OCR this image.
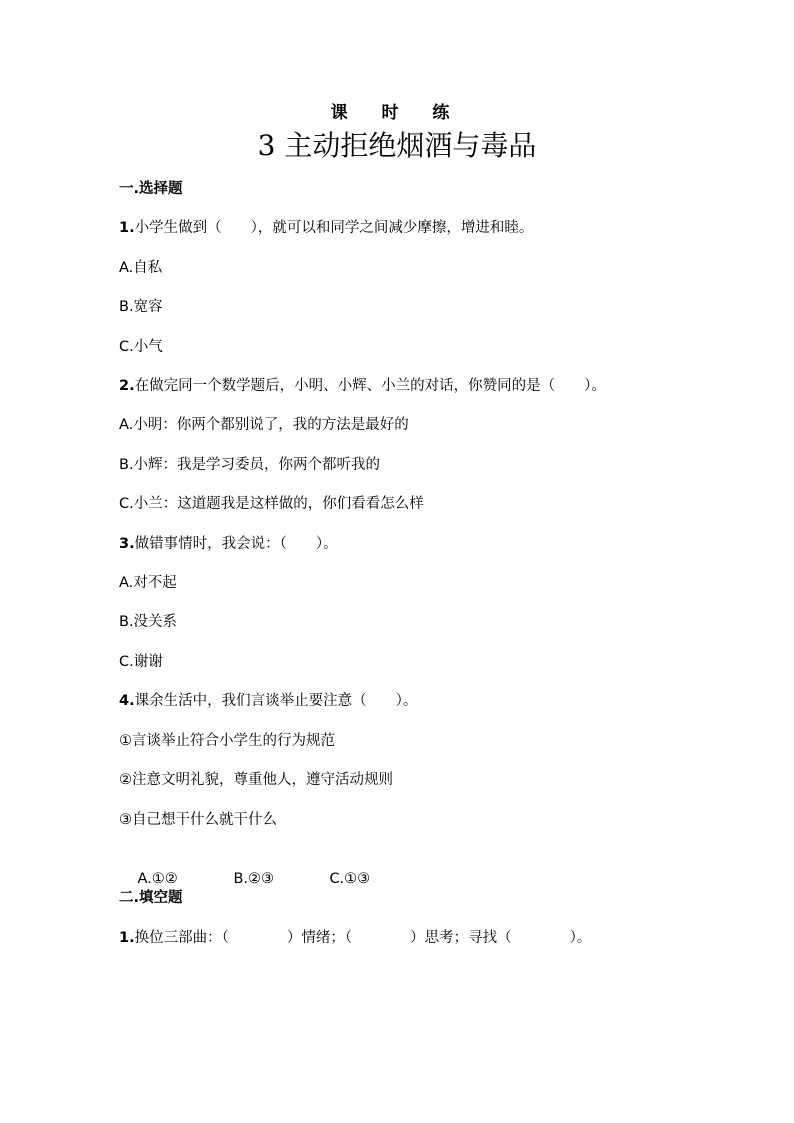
课 时 练
3 主动拒绝烟酒与毒品
一.选择题
1.小学生做到（　　），就可以和同学之间减少摩擦，增进和睦。
A.自私
B.宽容
C.小气
2.在做完同一个数学题后，小明、小辉、小兰的对话，你赞同的是（　　）。
A.小明：你两个都别说了，我的方法是最好的
B.小辉：我是学习委员，你两个都听我的
C.小兰：这道题我是这样做的，你们看看怎么样
3.做错事情时，我会说：（　　）。
A.对不起
B.没关系
C.谢谢
4.课余生活中，我们言谈举止要注意（　　）。
①言谈举止符合小学生的行为规范
②注意文明礼貌，尊重他人，遵守活动规则
③自己想干什么就干什么

A.①②	B.②③	C.①③

二.填空题
1.换位三部曲：（　　　　）情绪；（　　　　）思考；寻找（　　　　）。
